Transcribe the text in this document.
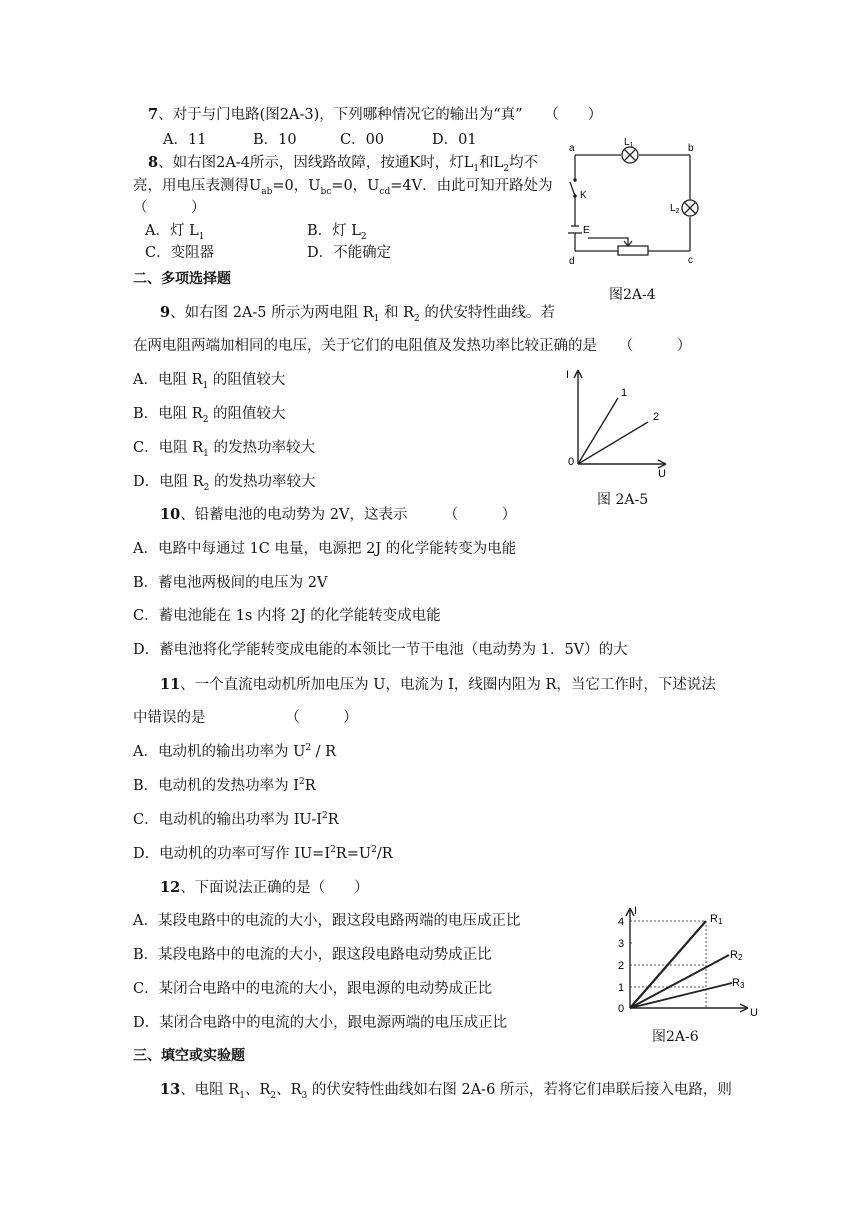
7、对于与门电路(图2A-3)，下列哪种情况它的输出为“真”　　（　　）
A．11	B．10	C．00	D．01
8、如右图2A-4所示，因线路故障，按通K时，灯$L_1$和$L_2$均不
亮，用电压表测得$U_{ab}=0$，$U_{bc}=0$，$U_{cd}=4V$．由此可知开路处为
（　　　）
A．灯 $L_1$	B．灯 $L_2$
C．变阻器	D．不能确定
a	b
c
d
$L_1$
$L_2$
K
E
图2A-4
二、多项选择题
9、如右图 2A-5 所示为两电阻 $R_1$ 和 $R_2$ 的伏安特性曲线。若
在两电阻两端加相同的电压，关于它们的电阻值及发热功率比较正确的是　　（　　　）
A．电阻 $R_1$ 的阻值较大
B．电阻 $R_2$ 的阻值较大
C．电阻 $R_1$ 的发热功率较大
D．电阻 $R_2$ 的发热功率较大
I
U
0
1
2
图 2A-5
10、铅蓄电池的电动势为 2V，这表示　　　（　　　）
A．电路中每通过 1C 电量，电源把 2J 的化学能转变为电能
B．蓄电池两极间的电压为 2V
C．蓄电池能在 1s 内将 2J 的化学能转变成电能
D．蓄电池将化学能转变成电能的本领比一节干电池（电动势为 1．5V）的大
11、一个直流电动机所加电压为 U，电流为 I，线圈内阻为 R，当它工作时，下述说法
中错误的是　　　　　　（　　　）
A．电动机的输出功率为 $U^2$ / R
B．电动机的发热功率为 $I^2R$
C．电动机的输出功率为 $IU-I^2R$
D．电动机的功率可写作 $IU=I^2R=U^2/R$
12、下面说法正确的是（　　）
A．某段电路中的电流的大小，跟这段电路两端的电压成正比
B．某段电路中的电流的大小，跟这段电路电动势成正比
C．某闭合电路中的电流的大小，跟电源的电动势成正比
D．某闭合电路中的电流的大小，跟电源两端的电压成正比
I
U
0
1
2
3
4	R1
R2
R3
图2A-6
三、填空或实验题
13、电阻 $R_1$、$R_2$、$R_3$ 的伏安特性曲线如右图 2A-6 所示，若将它们串联后接入电路，则
